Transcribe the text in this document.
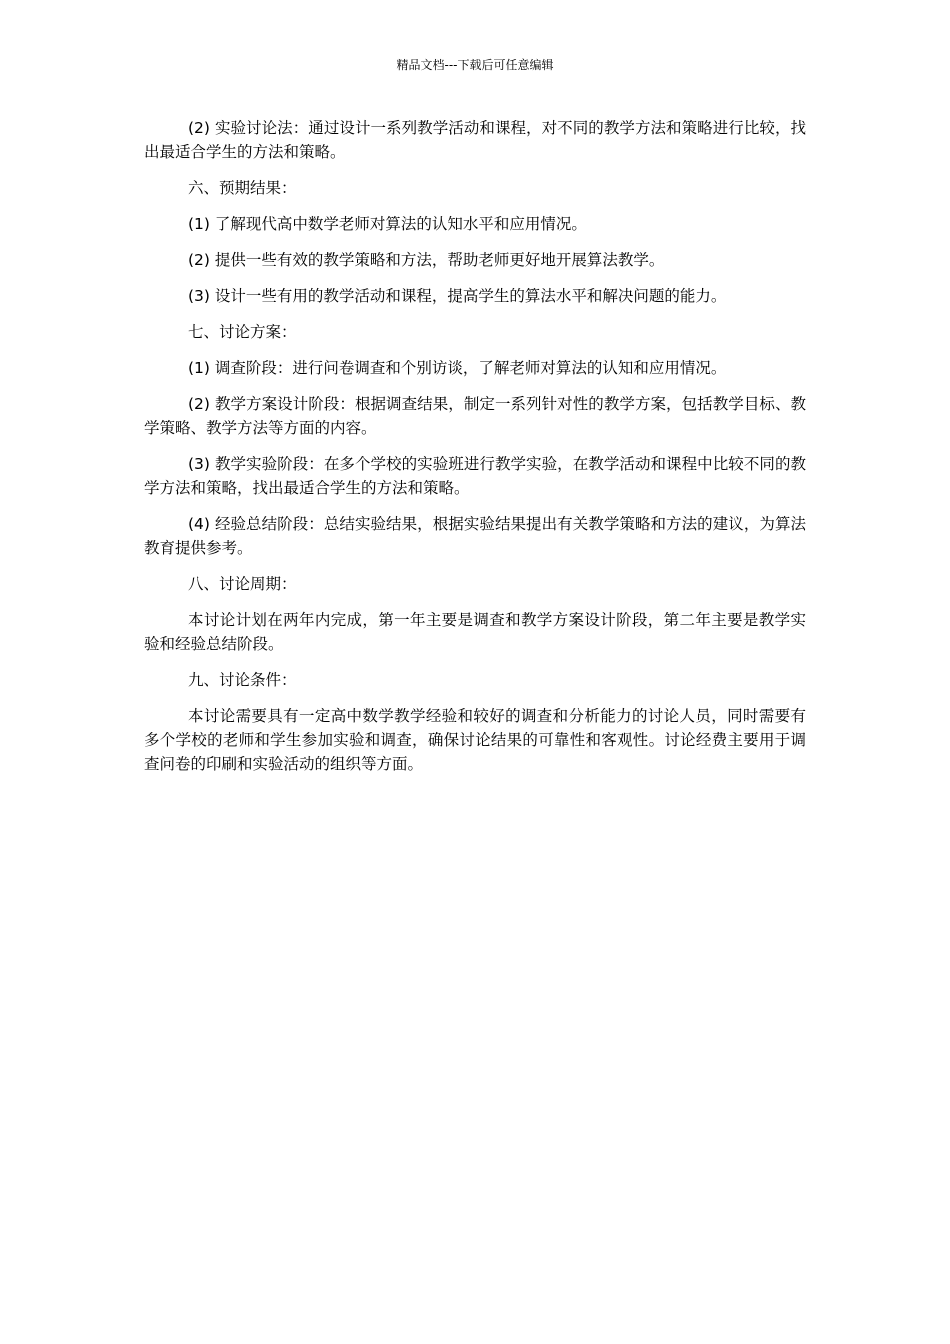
精品文档---下载后可任意编辑

(2) 实验讨论法：通过设计一系列教学活动和课程，对不同的教学方法和策略进行比较，找出最适合学生的方法和策略。

六、预期结果：

(1) 了解现代高中数学老师对算法的认知水平和应用情况。

(2) 提供一些有效的教学策略和方法，帮助老师更好地开展算法教学。

(3) 设计一些有用的教学活动和课程，提高学生的算法水平和解决问题的能力。

七、讨论方案：

(1) 调查阶段：进行问卷调查和个别访谈，了解老师对算法的认知和应用情况。

(2) 教学方案设计阶段：根据调查结果，制定一系列针对性的教学方案，包括教学目标、教学策略、教学方法等方面的内容。

(3) 教学实验阶段：在多个学校的实验班进行教学实验，在教学活动和课程中比较不同的教学方法和策略，找出最适合学生的方法和策略。

(4) 经验总结阶段：总结实验结果，根据实验结果提出有关教学策略和方法的建议，为算法教育提供参考。

八、讨论周期：

本讨论计划在两年内完成，第一年主要是调查和教学方案设计阶段，第二年主要是教学实验和经验总结阶段。

九、讨论条件：

本讨论需要具有一定高中数学教学经验和较好的调查和分析能力的讨论人员，同时需要有多个学校的老师和学生参加实验和调查，确保讨论结果的可靠性和客观性。讨论经费主要用于调查问卷的印刷和实验活动的组织等方面。
